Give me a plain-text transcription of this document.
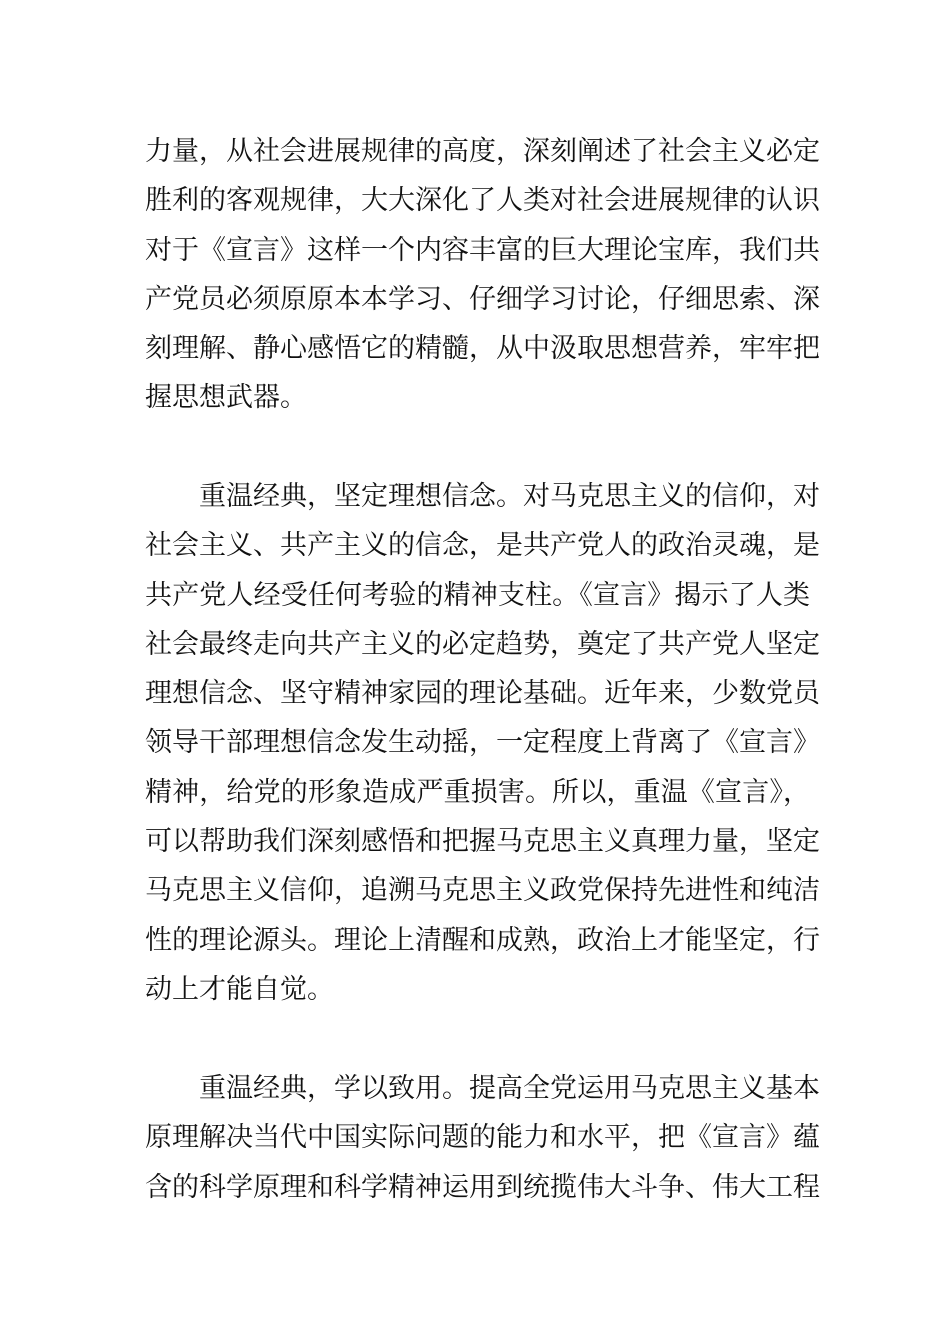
力量，从社会进展规律的高度，深刻阐述了社会主义必定
胜利的客观规律，大大深化了人类对社会进展规律的认识
对于《宣言》这样一个内容丰富的巨大理论宝库，我们共
产党员必须原原本本学习、仔细学习讨论，仔细思索、深
刻理解、静心感悟它的精髓，从中汲取思想营养，牢牢把
握思想武器。
重温经典，坚定理想信念。对马克思主义的信仰，对
社会主义、共产主义的信念，是共产党人的政治灵魂，是
共产党人经受任何考验的精神支柱。《宣言》揭示了人类
社会最终走向共产主义的必定趋势，奠定了共产党人坚定
理想信念、坚守精神家园的理论基础。近年来，少数党员
领导干部理想信念发生动摇，一定程度上背离了《宣言》
精神，给党的形象造成严重损害。所以，重温《宣言》，
可以帮助我们深刻感悟和把握马克思主义真理力量，坚定
马克思主义信仰，追溯马克思主义政党保持先进性和纯洁
性的理论源头。理论上清醒和成熟，政治上才能坚定，行
动上才能自觉。
重温经典，学以致用。提高全党运用马克思主义基本
原理解决当代中国实际问题的能力和水平，把《宣言》蕴
含的科学原理和科学精神运用到统揽伟大斗争、伟大工程
